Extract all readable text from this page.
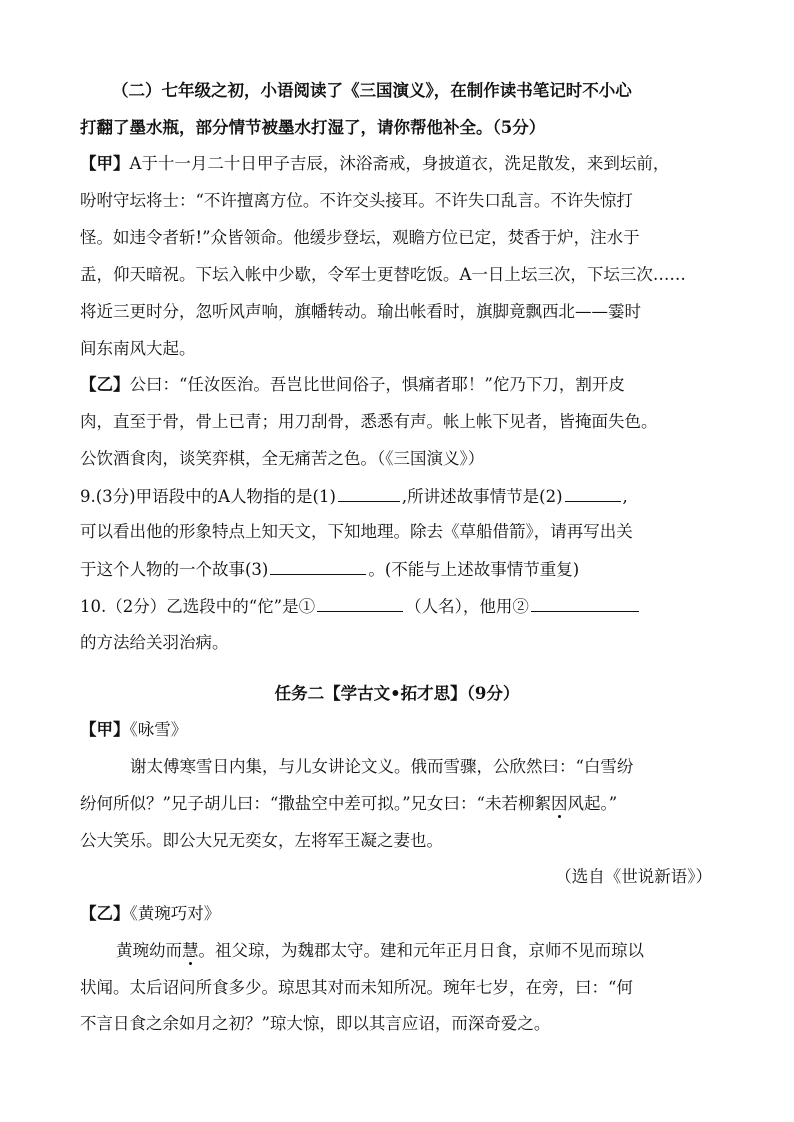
（二）七年级之初，小语阅读了《三国演义》，在制作读书笔记时不小心
打翻了墨水瓶，部分情节被墨水打湿了，请你帮他补全。（5分）
【甲】A于十一月二十日甲子吉辰，沐浴斋戒，身披道衣，洗足散发，来到坛前，
吩咐守坛将士：“不许擅离方位。不许交头接耳。不许失口乱言。不许失惊打
怪。如违令者斩!”众皆领命。他缓步登坛，观瞻方位已定，焚香于炉，注水于
盂，仰天暗祝。下坛入帐中少歇，令军士更替吃饭。A一日上坛三次，下坛三次……
将近三更时分，忽听风声响，旗幡转动。瑜出帐看时，旗脚竟飘西北——霎时
间东南风大起。
【乙】公曰：“任汝医治。吾岂比世间俗子，惧痛者耶！”佗乃下刀，割开皮
肉，直至于骨，骨上已青；用刀刮骨，悉悉有声。帐上帐下见者，皆掩面失色。
公饮酒食肉，谈笑弈棋，全无痛苦之色。（《三国演义》）
9.(3分)甲语段中的A人物指的是(1)	,所讲述故事情节是(2)	,
可以看出他的形象特点上知天文，下知地理。除去《草船借箭》，请再写出关
于这个人物的一个故事(3)	。(不能与上述故事情节重复)
10.（2分）乙选段中的“佗”是①	（人名），他用②
的方法给关羽治病。
任务二【学古文•拓才思】（9分）
【甲】《咏雪》
谢太傅寒雪日内集，与儿女讲论文义。俄而雪骤，公欣然曰：“白雪纷
纷何所似？”兄子胡儿曰：“撒盐空中差可拟。”兄女曰：“未若柳絮因风起。”
公大笑乐。即公大兄无奕女，左将军王凝之妻也。
（选自《世说新语》）
【乙】《黄琬巧对》
黄琬幼而慧。祖父琼，为魏郡太守。建和元年正月日食，京师不见而琼以
状闻。太后诏问所食多少。琼思其对而未知所况。琬年七岁，在旁，曰：“何
不言日食之余如月之初？”琼大惊，即以其言应诏，而深奇爱之。
